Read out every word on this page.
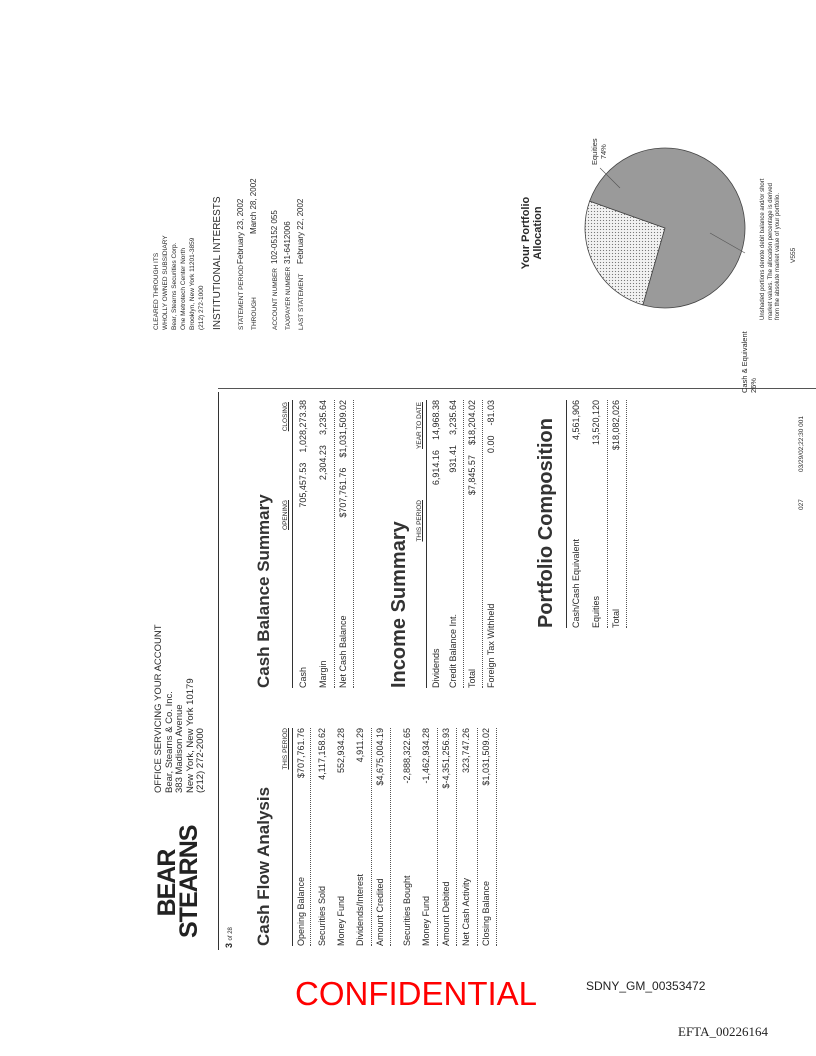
BEAR
STEARNS
OFFICE SERVICING YOUR ACCOUNT Bear, Stearns & Co. Inc. 383 Madison Avenue New York, New York 10179 (212) 272-2000
3 of 28
CLEARED THROUGH ITS WHOLLY OWNED SUBSIDIARY Bear, Stearns Securities Corp. One Metrotech Center North Brooklyn, New York 11201-3859 (212) 272-1000 INSTITUTIONAL INTERESTS	STATEMENT PERIODFebruary 23, 2002
THROUGHMarch 28, 2002
ACCOUNT NUMBER102-05152 055
TAXPAYER NUMBER31-6412006
LAST STATEMENTFebruary 22, 2002
Cash Flow Analysis
THIS PERIOD
Opening Balance
$707,761.76
Securities Sold
4,117,158.62
Money Fund
552,934.28
Dividends/Interest
4,911.29
Amount Credited
$4,675,004.19
Securities Bought
-2,888,322.65
Money Fund
-1,462,934.28
Amount Debited
$-4,351,256.93
Net Cash Activity
323,747.26
Closing Balance
$1,031,509.02
Cash Balance Summary OPENING
CLOSING
Cash
1,028,273.38
705,457.53
Margin
3,235.64
2,304.23
Net Cash Balance
$1,031,509.02
$707,761.76
Income Summary
THIS PERIOD
YEAR TO DATE
Dividends
14,968.38
6,914.16
Credit Balance Int.
3,235.64
931.41
Total
$18,204.02
$7,845.57
Foreign Tax Withheld
-81.03
0.00 Portfolio Composition Cash/Cash Equivalent
4,561,906
Equities
13,520,120
Total
$18,082,026
Your Portfolio Allocation
Cash & Equivalent 26%
Equities 74%
Unshaded portions denote debit balance and/or short market values. The allocation percentage is derived from the absolute market value of your portfolio. V555
027
03/29/02;22:30 001
CONFIDENTIAL	SDNY_GM_00353472
EFTA_00226164
